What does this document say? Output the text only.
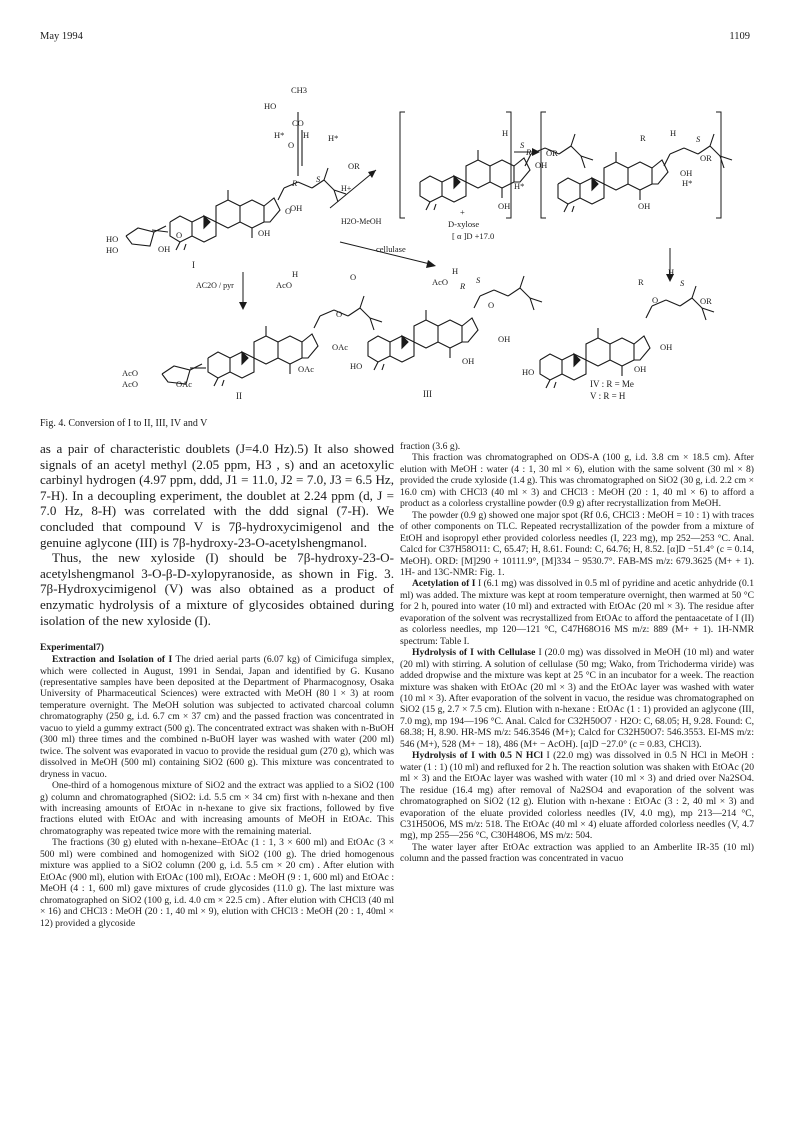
May 1994	1109
CH3
HO
CO
H* H H*
O
R S
OR
O
OH
OH
HO
HO	OH
O
I
H+
H2O-MeOH
H
S
R
OH
OR
H*
OH
R	H
S
OR
OH
H*
OH
+
D-xylose
[ α ]D +17.0
cellulase
AC2O / pyr
H
AcO
O
O
OAc
OAc
AcO
AcO	OAc
II
H
AcO R
S
O
OH
HO	OH
III
R
H
S
OR
O
OH
HO	OH
IV : R = Me
V : R = H
Fig. 4. Conversion of I to II, III, IV and V

as a pair of characteristic doublets (J=4.0 Hz).5) It also showed signals of an acetyl methyl (2.05 ppm, H3 , s) and an acetoxylic carbinyl hydrogen (4.97 ppm, ddd, J1 = 11.0, J2 = 7.0, J3 = 6.5 Hz, 7-H). In a decoupling experiment, the doublet at 2.24 ppm (d, J = 7.0 Hz, 8-H) was correlated with the ddd signal (7-H). We concluded that compound V is 7β-hydroxycimigenol and the genuine aglycone (III) is 7β-hydroxy-23-O-acetylshengmanol.

Thus, the new xyloside (I) should be 7β-hydroxy-23-O-acetylshengmanol 3-O-β-D-xylopyranoside, as shown in Fig. 3. 7β-Hydroxycimigenol (V) was also obtained as a product of enzymatic hydrolysis of a mixture of glycosides obtained during isolation of the new xyloside (I).

Experimental7)

Extraction and Isolation of I The dried aerial parts (6.07 kg) of Cimicifuga simplex, which were collected in August, 1991 in Sendai, Japan and identified by G. Kusano (representative samples have been deposited at the Department of Pharmacognosy, Osaka University of Pharmaceutical Sciences) were extracted with MeOH (80 l × 3) at room temperature overnight. The MeOH solution was subjected to activated charcoal column chromatography (250 g, i.d. 6.7 cm × 37 cm) and the passed fraction was concentrated in vacuo to yield a gummy extract (500 g). The concentrated extract was shaken with n-BuOH (300 ml) three times and the combined n-BuOH layer was washed with water (200 ml) twice. The solvent was evaporated in vacuo to provide the residual gum (270 g), which was dissolved in MeOH (500 ml) containing SiO2 (600 g). This mixture was concentrated to dryness in vacuo.

One-third of a homogenous mixture of SiO2 and the extract was applied to a SiO2 (100 g) column and chromatographed (SiO2: i.d. 5.5 cm × 34 cm) first with n-hexane and then with increasing amounts of EtOAc in n-hexane to give six fractions, followed by five fractions eluted with EtOAc and with increasing amounts of MeOH in EtOAc. This chromatography was repeated twice more with the remaining material.

The fractions (30 g) eluted with n-hexane–EtOAc (1 : 1, 3 × 600 ml) and EtOAc (3 × 500 ml) were combined and homogenized with SiO2 (100 g). The dried homogenous mixture was applied to a SiO2 column (200 g, i.d. 5.5 cm × 20 cm) . After elution with EtOAc (900 ml), elution with EtOAc (100 ml), EtOAc : MeOH (9 : 1, 600 ml) and EtOAc : MeOH (4 : 1, 600 ml) gave mixtures of crude glycosides (11.0 g). The last mixture was chromatographed on SiO2 (100 g, i.d. 4.0 cm × 22.5 cm) . After elution with CHCl3 (40 ml × 16) and CHCl3 : MeOH (20 : 1, 40 ml × 9), elution with CHCl3 : MeOH (20 : 1, 40ml × 12) provided a glycoside

fraction (3.6 g).

This fraction was chromatographed on ODS-A (100 g, i.d. 3.8 cm × 18.5 cm). After elution with MeOH : water (4 : 1, 30 ml × 6), elution with the same solvent (30 ml × 8) provided the crude xyloside (1.4 g). This was chromatographed on SiO2 (30 g, i.d. 2.2 cm × 16.0 cm) with CHCl3 (40 ml × 3) and CHCl3 : MeOH (20 : 1, 40 ml × 6) to afford a product as a colorless crystalline powder (0.9 g) after recrystallization from MeOH.

The powder (0.9 g) showed one major spot (Rf 0.6, CHCl3 : MeOH = 10 : 1) with traces of other components on TLC. Repeated recrystallization of the powder from a mixture of EtOH and isopropyl ether provided colorless needles (I, 223 mg), mp 252—253 °C. Anal. Calcd for C37H58O11: C, 65.47; H, 8.61. Found: C, 64.76; H, 8.52. [α]D −51.4° (c = 0.14, MeOH). ORD: [M]290 + 10111.9°, [M]334 − 9530.7°. FAB-MS m/z: 679.3625 (M+ + 1). 1H- and 13C-NMR: Fig. 1.

Acetylation of I I (6.1 mg) was dissolved in 0.5 ml of pyridine and acetic anhydride (0.1 ml) was added. The mixture was kept at room temperature overnight, then warmed at 50 °C for 2 h, poured into water (10 ml) and extracted with EtOAc (20 ml × 3). The residue after evaporation of the solvent was recrystallized from EtOAc to afford the pentaacetate of I (II) as colorless needles, mp 120—121 °C, C47H68O16 MS m/z: 889 (M+ + 1). 1H-NMR spectrum: Table I.

Hydrolysis of I with Cellulase I (20.0 mg) was dissolved in MeOH (10 ml) and water (20 ml) with stirring. A solution of cellulase (50 mg; Wako, from Trichoderma viride) was added dropwise and the mixture was kept at 25 °C in an incubator for a week. The reaction mixture was shaken with EtOAc (20 ml × 3) and the EtOAc layer was washed with water (10 ml × 3). After evaporation of the solvent in vacuo, the residue was chromatographed on SiO2 (15 g, 2.7 × 7.5 cm). Elution with n-hexane : EtOAc (1 : 1) provided an aglycone (III, 7.0 mg), mp 194—196 °C. Anal. Calcd for C32H50O7 · H2O: C, 68.05; H, 9.28. Found: C, 68.38; H, 8.90. HR-MS m/z: 546.3546 (M+); Calcd for C32H50O7: 546.3553. EI-MS m/z: 546 (M+), 528 (M+ − 18), 486 (M+ − AcOH). [α]D −27.0° (c = 0.83, CHCl3).

Hydrolysis of I with 0.5 N HCl I (22.0 mg) was dissolved in 0.5 N HCl in MeOH : water (1 : 1) (10 ml) and refluxed for 2 h. The reaction solution was shaken with EtOAc (20 ml × 3) and the EtOAc layer was washed with water (10 ml × 3) and dried over Na2SO4. The residue (16.4 mg) after removal of Na2SO4 and evaporation of the solvent was chromatographed on SiO2 (12 g). Elution with n-hexane : EtOAc (3 : 2, 40 ml × 3) and evaporation of the eluate provided colorless needles (IV, 4.0 mg), mp 213—214 °C, C31H50O6, MS m/z: 518. The EtOAc (40 ml × 4) eluate afforded colorless needles (V, 4.7 mg), mp 255—256 °C, C30H48O6, MS m/z: 504.

The water layer after EtOAc extraction was applied to an Amberlite IR-35 (10 ml) column and the passed fraction was concentrated in vacuo
